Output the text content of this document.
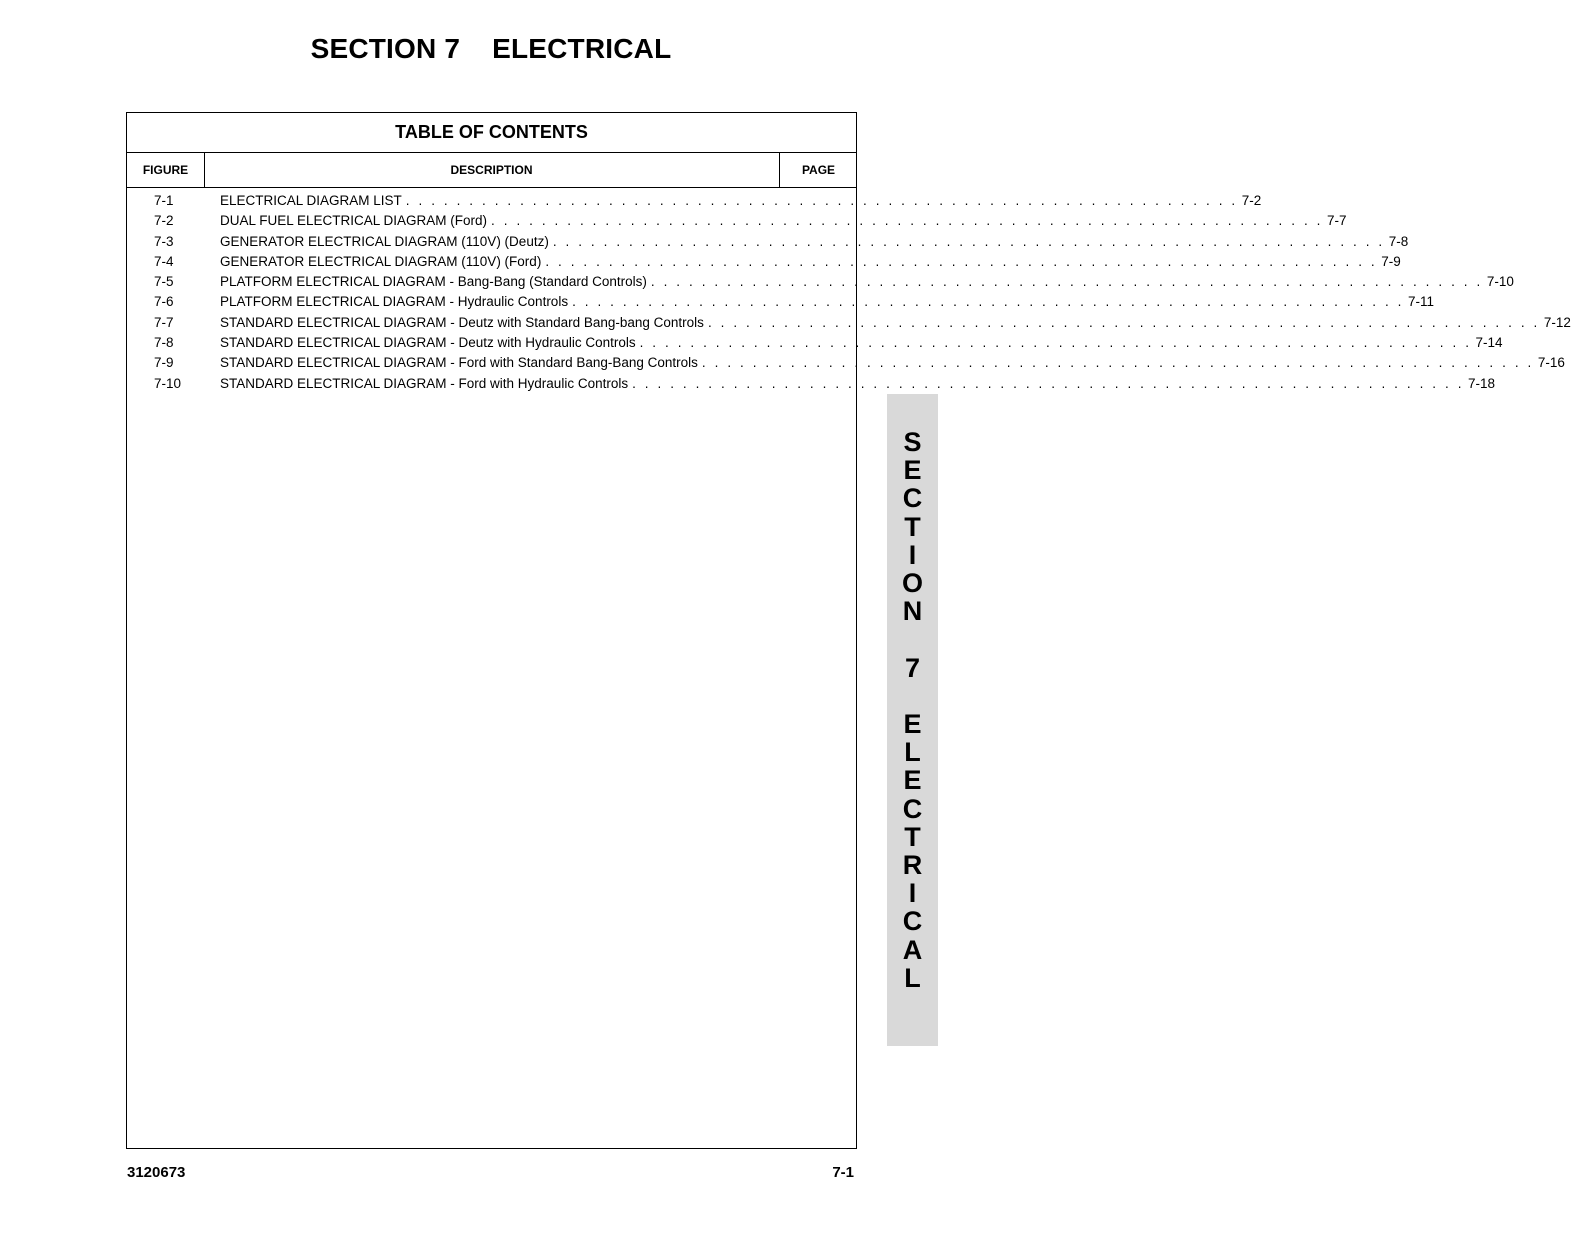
SECTION 7    ELECTRICAL
TABLE OF CONTENTS
FIGURE	DESCRIPTION	PAGE
7-1	ELECTRICAL DIAGRAM LIST . . . . . . . . . . . . . . . . . . . . . . . . . . . . . . . . . . . . . . . . . . . . . . . . . . . . . . . . . . . . . . . . . . 7-2
7-2	DUAL FUEL ELECTRICAL DIAGRAM (Ford) . . . . . . . . . . . . . . . . . . . . . . . . . . . . . . . . . . . . . . . . . . . . . . . . . . . . . . . . . . . . . . . . . . 7-7
7-3	GENERATOR ELECTRICAL DIAGRAM (110V) (Deutz) . . . . . . . . . . . . . . . . . . . . . . . . . . . . . . . . . . . . . . . . . . . . . . . . . . . . . . . . . . . . . . . . . . 7-8
7-4	GENERATOR ELECTRICAL DIAGRAM (110V) (Ford) . . . . . . . . . . . . . . . . . . . . . . . . . . . . . . . . . . . . . . . . . . . . . . . . . . . . . . . . . . . . . . . . . . 7-9
7-5	PLATFORM ELECTRICAL DIAGRAM - Bang-Bang (Standard Controls) . . . . . . . . . . . . . . . . . . . . . . . . . . . . . . . . . . . . . . . . . . . . . . . . . . . . . . . . . . . . . . . . . . 7-10
7-6	PLATFORM ELECTRICAL DIAGRAM - Hydraulic Controls . . . . . . . . . . . . . . . . . . . . . . . . . . . . . . . . . . . . . . . . . . . . . . . . . . . . . . . . . . . . . . . . . . 7-11
7-7	STANDARD ELECTRICAL DIAGRAM - Deutz with Standard Bang-bang Controls . . . . . . . . . . . . . . . . . . . . . . . . . . . . . . . . . . . . . . . . . . . . . . . . . . . . . . . . . . . . . . . . . . 7-12
7-8	STANDARD ELECTRICAL DIAGRAM - Deutz with Hydraulic Controls . . . . . . . . . . . . . . . . . . . . . . . . . . . . . . . . . . . . . . . . . . . . . . . . . . . . . . . . . . . . . . . . . . 7-14
7-9	STANDARD ELECTRICAL DIAGRAM - Ford with Standard Bang-Bang Controls . . . . . . . . . . . . . . . . . . . . . . . . . . . . . . . . . . . . . . . . . . . . . . . . . . . . . . . . . . . . . . . . . . 7-16
7-10	STANDARD ELECTRICAL DIAGRAM - Ford with Hydraulic Controls . . . . . . . . . . . . . . . . . . . . . . . . . . . . . . . . . . . . . . . . . . . . . . . . . . . . . . . . . . . . . . . . . . 7-18
S
E
C
T
I
O
N

7

E
L
E
C
T
R
I
C
A
L
3120673	7-1
